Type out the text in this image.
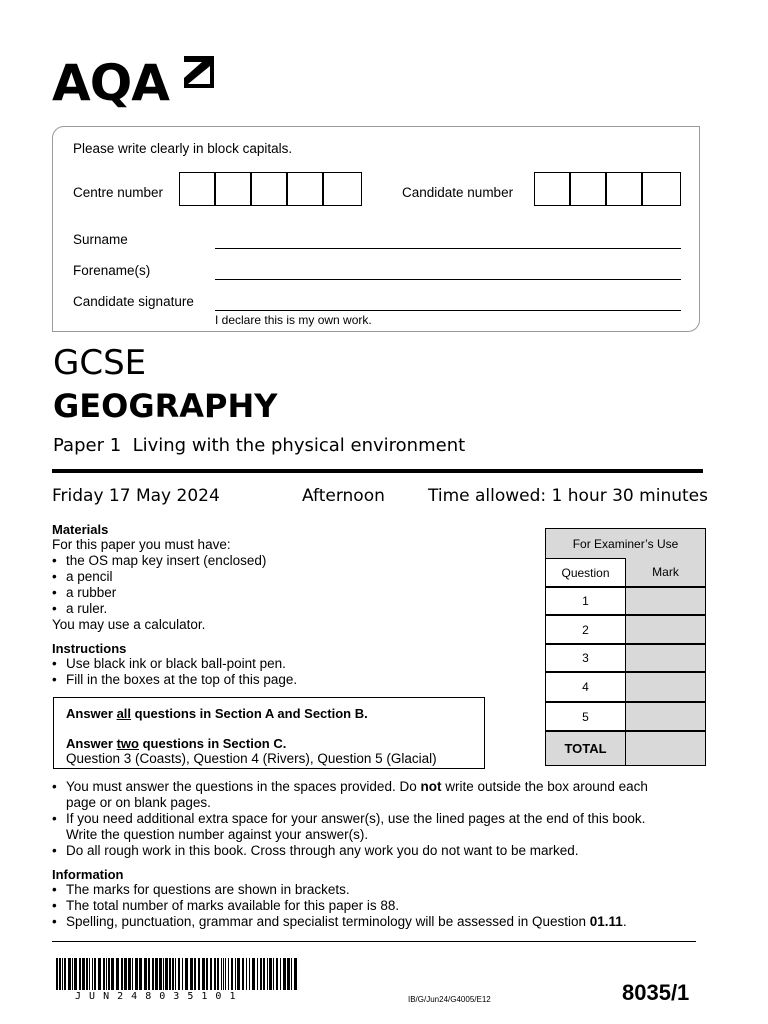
AQA
Please write clearly in block capitals.
Centre number	Candidate number
Surname
Forename(s)
Candidate signature
I declare this is my own work.
GCSE
GEOGRAPHY
Paper 1  Living with the physical environment
Friday 17 May 2024	Afternoon	Time allowed: 1 hour 30 minutes
Materials
For this paper you must have:
• the OS map key insert (enclosed)
• a pencil
• a rubber
• a ruler.
You may use a calculator.
Instructions
• Use black ink or black ball-point pen.
• Fill in the boxes at the top of this page.
Answer all questions in Section A and Section B.
Answer two questions in Section C.
Question 3 (Coasts), Question 4 (Rivers), Question 5 (Glacial)
• You must answer the questions in the spaces provided. Do not write outside the box around each
page or on blank pages.
• If you need additional extra space for your answer(s), use the lined pages at the end of this book.
Write the question number against your answer(s).
• Do all rough work in this book. Cross through any work you do not want to be marked.
Information
• The marks for questions are shown in brackets.
• The total number of marks available for this paper is 88.
• Spelling, punctuation, grammar and specialist terminology will be assessed in Question 01.11.
For Examiner’s Use
Question	Mark
1
2
3
4
5
TOTAL
J U N 2 4 8 0 3 5 1 0 1	IB/G/Jun24/G4005/E12	8035/1
